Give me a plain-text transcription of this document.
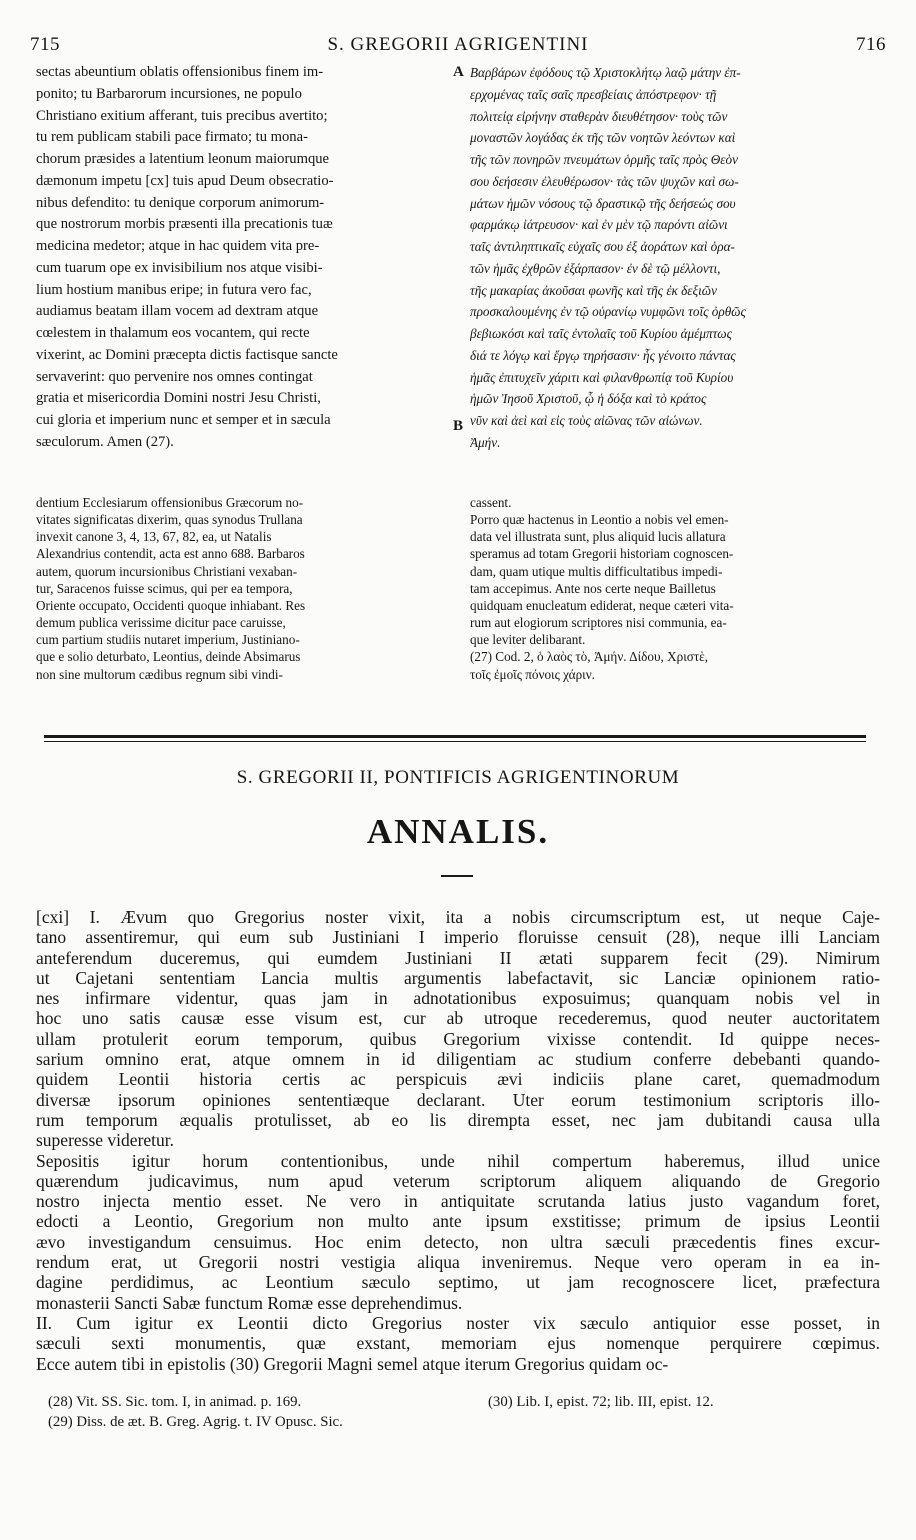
715	S. GREGORII AGRIGENTINI	716
sectas abeuntium oblatis offensionibus finem im-
ponito; tu Barbarorum incursiones, ne populo
Christiano exitium afferant, tuis precibus avertito;
tu rem publicam stabili pace firmato; tu mona-
chorum præsides a latentium leonum maiorumque
dæmonum impetu [cx] tuis apud Deum obsecratio-
nibus defendito: tu denique corporum animorum-
que nostrorum morbis præsenti illa precationis tuæ
medicina medetor; atque in hac quidem vita pre-
cum tuarum ope ex invisibilium nos atque visibi-
lium hostium manibus eripe; in futura vero fac,
audiamus beatam illam vocem ad dextram atque
cœlestem in thalamum eos vocantem, qui recte
vixerint, ac Domini præcepta dictis factisque sancte
servaverint: quo pervenire nos omnes contingat
gratia et misericordia Domini nostri Jesu Christi,
cui gloria et imperium nunc et semper et in sæcula
sæculorum. Amen (27).
Βαρβάρων ἐφόδους τῷ Χριστοκλήτῳ λαῷ μάτην ἐπ-
ερχομένας ταῖς σαῖς πρεσβείαις ἀπόστρεφον· τῇ
πολιτείᾳ εἰρήνην σταθερὰν διευθέτησον· τοὺς τῶν
μοναστῶν λογάδας ἐκ τῆς τῶν νοητῶν λεόντων καὶ
τῆς τῶν πονηρῶν πνευμάτων ὁρμῆς ταῖς πρὸς Θεὸν
σου δεήσεσιν ἐλευθέρωσον· τὰς τῶν ψυχῶν καὶ σω-
μάτων ἡμῶν νόσους τῷ δραστικῷ τῆς δεήσεώς σου
φαρμάκῳ ἰάτρευσον· καὶ ἐν μὲν τῷ παρόντι αἰῶνι
ταῖς ἀντιληπτικαῖς εὐχαῖς σου ἐξ ἀοράτων καὶ ὁρα-
τῶν ἡμᾶς ἐχθρῶν ἐξάρπασον· ἐν δὲ τῷ μέλλοντι,
τῆς μακαρίας ἀκοῦσαι φωνῆς καὶ τῆς ἐκ δεξιῶν
προσκαλουμένης ἐν τῷ οὐρανίῳ νυμφῶνι τοῖς ὀρθῶς
βεβιωκόσι καὶ ταῖς ἐντολαῖς τοῦ Κυρίου ἀμέμπτως
διά τε λόγῳ καὶ ἔργῳ τηρήσασιν· ἧς γένοιτο πάντας
ἡμᾶς ἐπιτυχεῖν χάριτι καὶ φιλανθρωπίᾳ τοῦ Κυρίου
ἡμῶν Ἰησοῦ Χριστοῦ, ᾧ ἡ δόξα καὶ τὸ κράτος
νῦν καὶ ἀεὶ καὶ εἰς τοὺς αἰῶνας τῶν αἰώνων.
Ἀμήν.
A
B
dentium Ecclesiarum offensionibus Græcorum no-
vitates significatas dixerim, quas synodus Trullana
invexit canone 3, 4, 13, 67, 82, ea, ut Natalis
Alexandrius contendit, acta est anno 688. Barbaros
autem, quorum incursionibus Christiani vexaban-
tur, Saracenos fuisse scimus, qui per ea tempora,
Oriente occupato, Occidenti quoque inhiabant. Res
demum publica verissime dicitur pace caruisse,
cum partium studiis nutaret imperium, Justiniano-
que e solio deturbato, Leontius, deinde Absimarus
non sine multorum cædibus regnum sibi vindi-
cassent.
Porro quæ hactenus in Leontio a nobis vel emen-
data vel illustrata sunt, plus aliquid lucis allatura
speramus ad totam Gregorii historiam cognoscen-
dam, quam utique multis difficultatibus impedi-
tam accepimus. Ante nos certe neque Bailletus
quidquam enucleatum ediderat, neque cæteri vita-
rum aut elogiorum scriptores nisi communia, ea-
que leviter delibarant.
(27) Cod. 2, ὁ λαὸς τὸ, Ἀμήν. Δίδου, Χριστὲ,
τοῖς ἐμοῖς πόνοις χάριν.
S. GREGORII II, PONTIFICIS AGRIGENTINORUM
ANNALIS.
[cxi] I. Ævum quo Gregorius noster vixit, ita a nobis circumscriptum est, ut neque Caje-
tano assentiremur, qui eum sub Justiniani I imperio floruisse censuit (28), neque illi Lanciam
anteferendum duceremus, qui eumdem Justiniani II ætati supparem fecit (29). Nimirum
ut Cajetani sententiam Lancia multis argumentis labefactavit, sic Lanciæ opinionem ratio-
nes infirmare videntur, quas jam in adnotationibus exposuimus; quanquam nobis vel in
hoc uno satis causæ esse visum est, cur ab utroque recederemus, quod neuter auctoritatem
ullam protulerit eorum temporum, quibus Gregorium vixisse contendit. Id quippe neces-
sarium omnino erat, atque omnem in id diligentiam ac studium conferre debebanti quando-
quidem Leontii historia certis ac perspicuis ævi indiciis plane caret, quemadmodum
diversæ ipsorum opiniones sententiæque declarant. Uter eorum testimonium scriptoris illo-
rum temporum æqualis protulisset, ab eo lis dirempta esset, nec jam dubitandi causa ulla
superesse videretur.
Sepositis igitur horum contentionibus, unde nihil compertum haberemus, illud unice
quærendum judicavimus, num apud veterum scriptorum aliquem aliquando de Gregorio
nostro injecta mentio esset. Ne vero in antiquitate scrutanda latius justo vagandum foret,
edocti a Leontio, Gregorium non multo ante ipsum exstitisse; primum de ipsius Leontii
ævo investigandum censuimus. Hoc enim detecto, non ultra sæculi præcedentis fines excur-
rendum erat, ut Gregorii nostri vestigia aliqua inveniremus. Neque vero operam in ea in-
dagine perdidimus, ac Leontium sæculo septimo, ut jam recognoscere licet, præfectura
monasterii Sancti Sabæ functum Romæ esse deprehendimus.
II. Cum igitur ex Leontii dicto Gregorius noster vix sæculo antiquior esse posset, in
sæculi sexti monumentis, quæ exstant, memoriam ejus nomenque perquirere cœpimus.
Ecce autem tibi in epistolis (30) Gregorii Magni semel atque iterum Gregorius quidam oc-
(28) Vit. SS. Sic. tom. I, in animad. p. 169.
(29) Diss. de æt. B. Greg. Agrig. t. IV Opusc. Sic.
(30) Lib. I, epist. 72; lib. III, epist. 12.
